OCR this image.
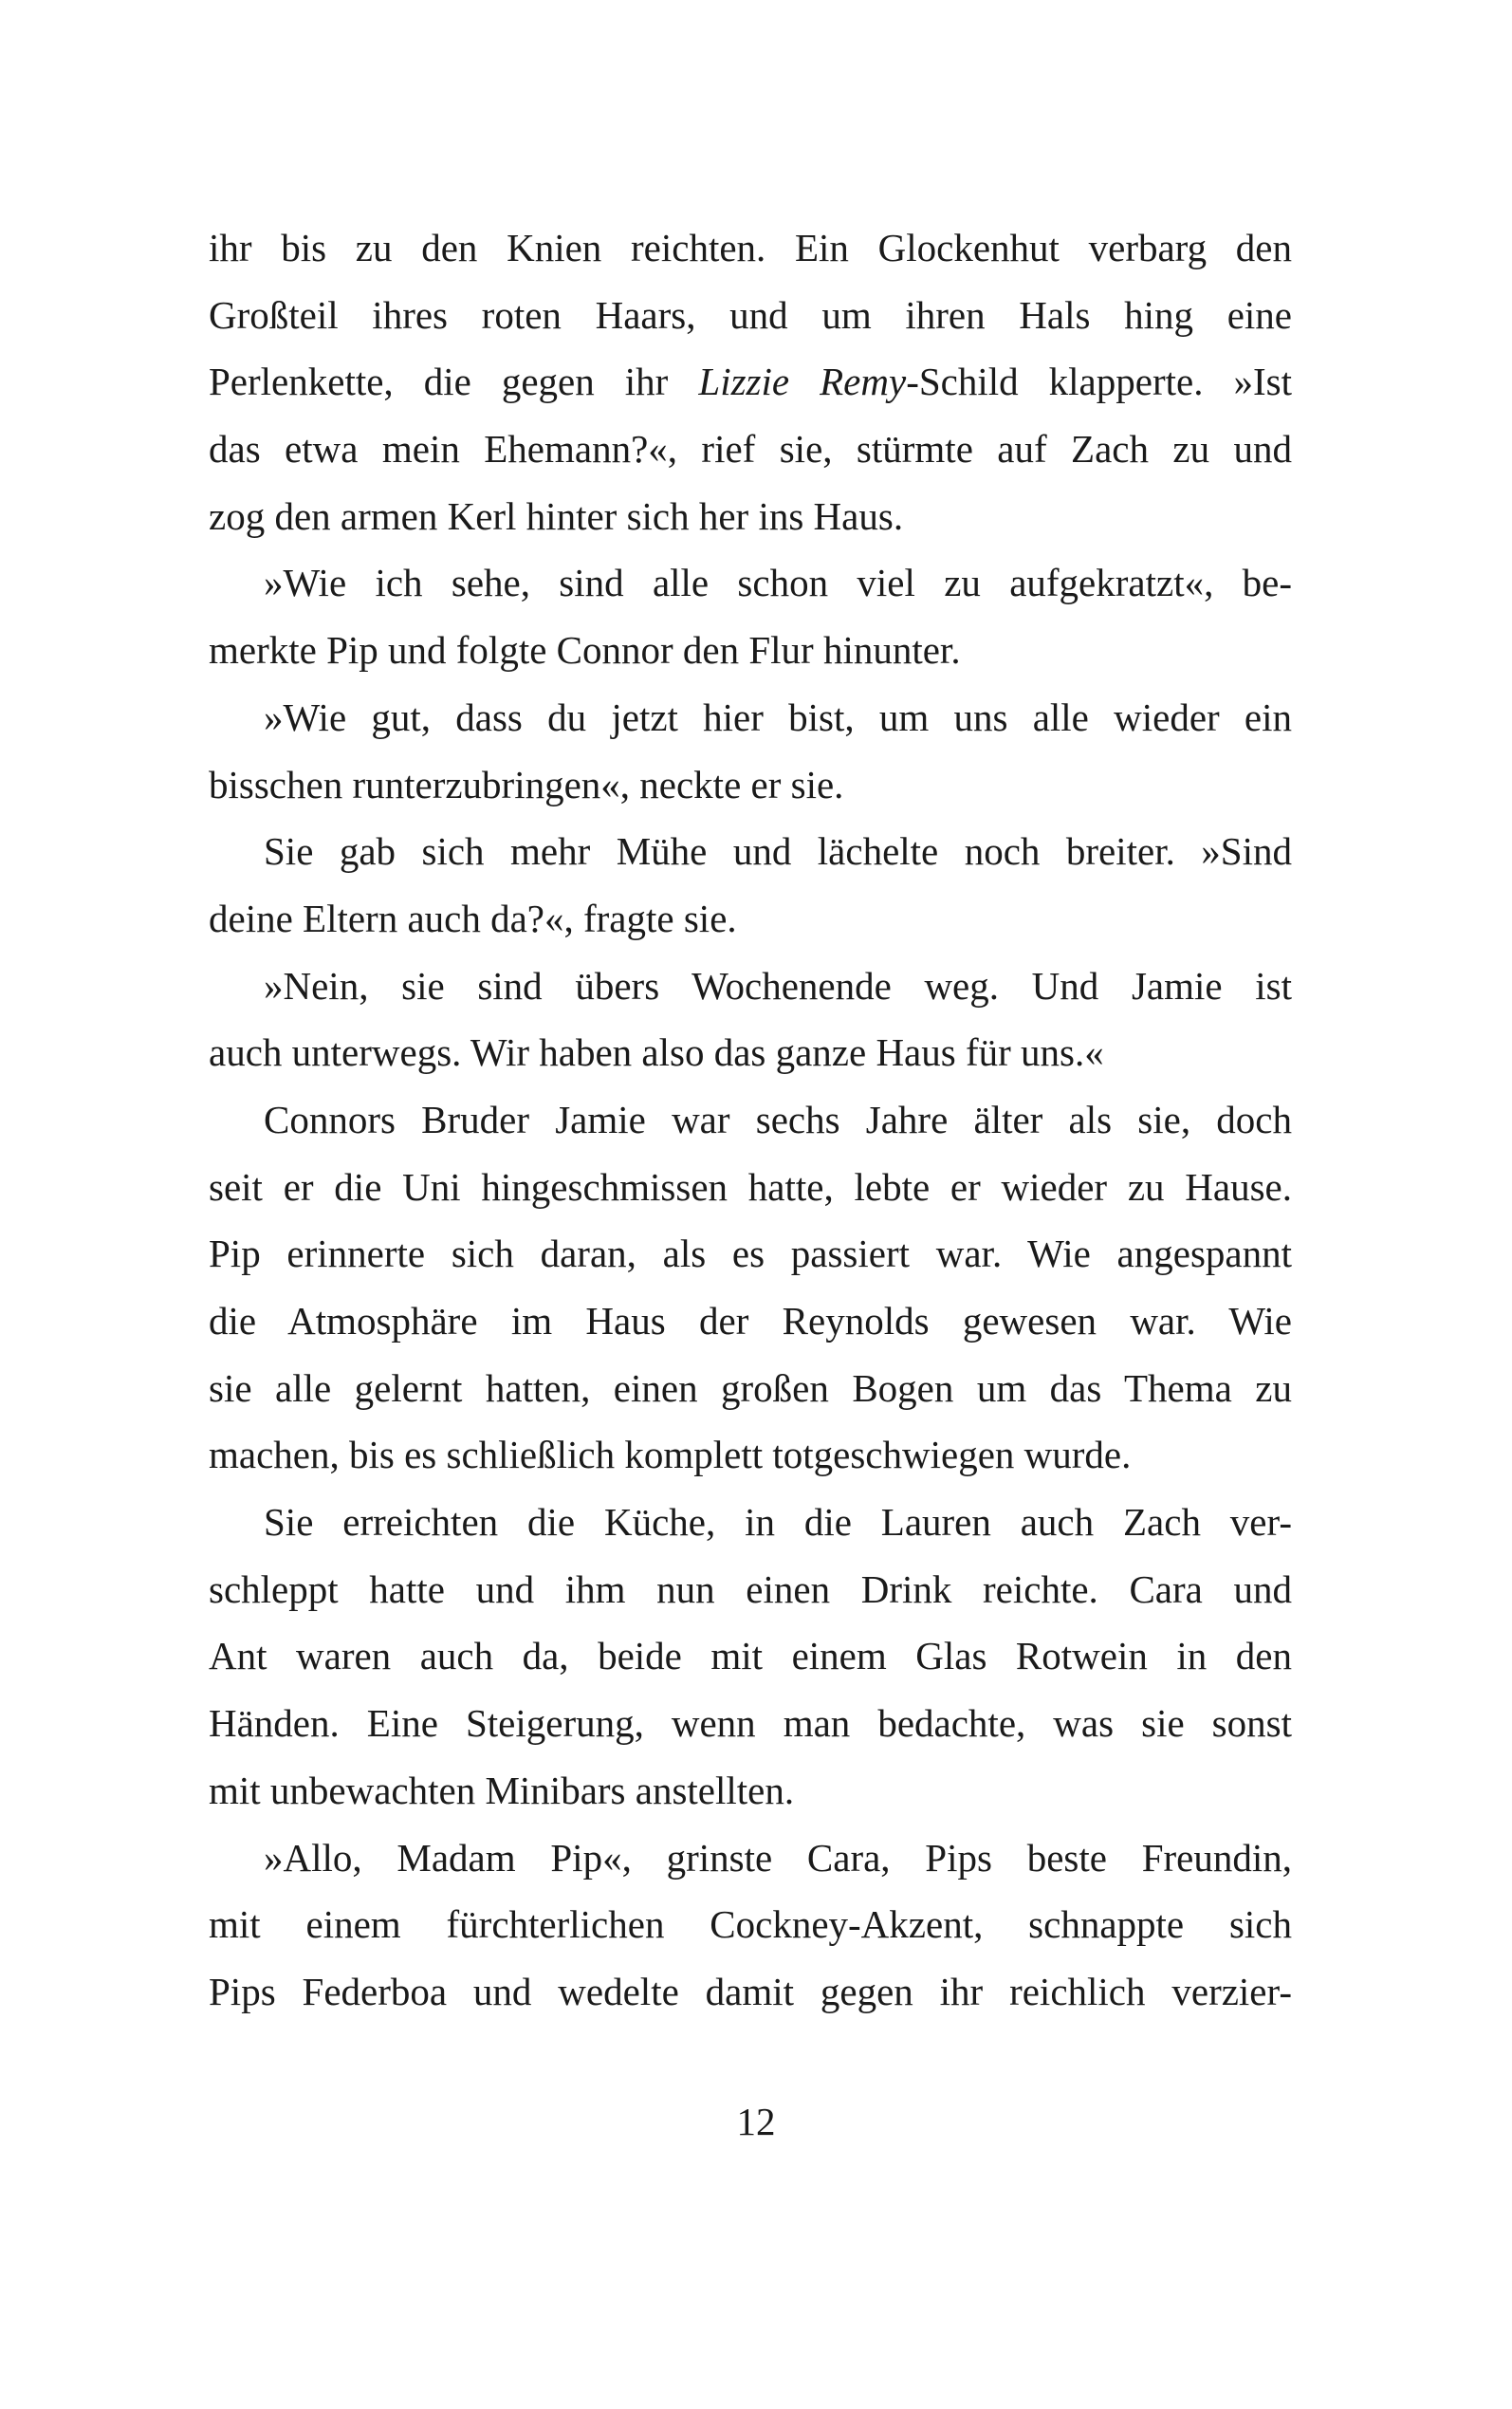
ihr bis zu den Knien reichten. Ein Glockenhut verbarg den
Großteil ihres roten Haars, und um ihren Hals hing eine
Perlenkette, die gegen ihr Lizzie Remy-Schild klapperte. »Ist
das etwa mein Ehemann?«, rief sie, stürmte auf Zach zu und
zog den armen Kerl hinter sich her ins Haus.
»Wie ich sehe, sind alle schon viel zu aufgekratzt«, be-
merkte Pip und folgte Connor den Flur hinunter.
»Wie gut, dass du jetzt hier bist, um uns alle wieder ein
bisschen runterzubringen«, neckte er sie.
Sie gab sich mehr Mühe und lächelte noch breiter. »Sind
deine Eltern auch da?«, fragte sie.
»Nein, sie sind übers Wochenende weg. Und Jamie ist
auch unterwegs. Wir haben also das ganze Haus für uns.«
Connors Bruder Jamie war sechs Jahre älter als sie, doch
seit er die Uni hingeschmissen hatte, lebte er wieder zu Hause.
Pip erinnerte sich daran, als es passiert war. Wie angespannt
die Atmosphäre im Haus der Reynolds gewesen war. Wie
sie alle gelernt hatten, einen großen Bogen um das Thema zu
machen, bis es schließlich komplett totgeschwiegen wurde.
Sie erreichten die Küche, in die Lauren auch Zach ver-
schleppt hatte und ihm nun einen Drink reichte. Cara und
Ant waren auch da, beide mit einem Glas Rotwein in den
Händen. Eine Steigerung, wenn man bedachte, was sie sonst
mit unbewachten Minibars anstellten.
»Allo, Madam Pip«, grinste Cara, Pips beste Freundin,
mit einem fürchterlichen Cockney-Akzent, schnappte sich
Pips Federboa und wedelte damit gegen ihr reichlich verzier-
12
